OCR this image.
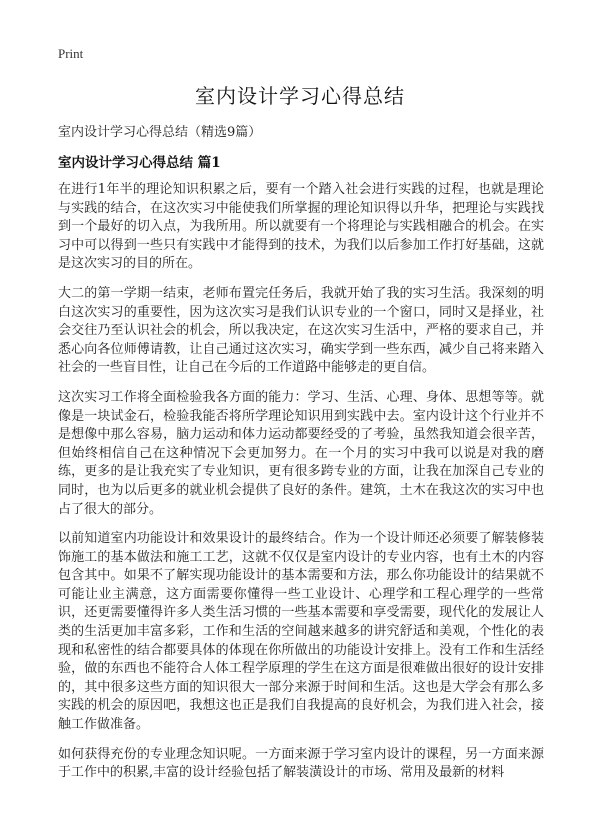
Print
室内设计学习心得总结
室内设计学习心得总结（精选9篇）
室内设计学习心得总结 篇1

在进行1年半的理论知识积累之后，要有一个踏入社会进行实践的过程，也就是理论与实践的结合，在这次实习中能使我们所掌握的理论知识得以升华，把理论与实践找到一个最好的切入点，为我所用。所以就要有一个将理论与实践相融合的机会。在实习中可以得到一些只有实践中才能得到的技术，为我们以后参加工作打好基础，这就是这次实习的目的所在。

大二的第一学期一结束，老师布置完任务后，我就开始了我的实习生活。我深刻的明白这次实习的重要性，因为这次实习是我们认识专业的一个窗口，同时又是择业，社会交往乃至认识社会的机会，所以我决定，在这次实习生活中，严格的要求自己，并悉心向各位师傅请教，让自己通过这次实习，确实学到一些东西，减少自己将来踏入社会的一些盲目性，让自己在今后的工作道路中能够走的更自信。

这次实习工作将全面检验我各方面的能力：学习、生活、心理、身体、思想等等。就像是一块试金石，检验我能否将所学理论知识用到实践中去。室内设计这个行业并不是想像中那么容易，脑力运动和体力运动都要经受的了考验，虽然我知道会很辛苦，但始终相信自己在这种情况下会更加努力。在一个月的实习中我可以说是对我的磨练，更多的是让我充实了专业知识，更有很多跨专业的方面，让我在加深自己专业的同时，也为以后更多的就业机会提供了良好的条件。建筑，土木在我这次的实习中也占了很大的部分。

以前知道室内功能设计和效果设计的最终结合。作为一个设计师还必须要了解装修装饰施工的基本做法和施工工艺，这就不仅仅是室内设计的专业内容，也有土木的内容包含其中。如果不了解实现功能设计的基本需要和方法，那么你功能设计的结果就不可能让业主满意，这方面需要你懂得一些工业设计、心理学和工程心理学的一些常识，还更需要懂得许多人类生活习惯的一些基本需要和享受需要，现代化的发展让人类的生活更加丰富多彩，工作和生活的空间越来越多的讲究舒适和美观，个性化的表现和私密性的结合都要具体的体现在你所做出的功能设计安排上。没有工作和生活经验，做的东西也不能符合人体工程学原理的学生在这方面是很难做出很好的设计安排的，其中很多这些方面的知识很大一部分来源于时间和生活。这也是大学会有那么多实践的机会的原因吧，我想这也正是我们自我提高的良好机会，为我们进入社会，接触工作做准备。

如何获得充份的专业理念知识呢。一方面来源于学习室内设计的课程，另一方面来源于工作中的积累,丰富的设计经验包括了解装潢设计的市场、常用及最新的材料
